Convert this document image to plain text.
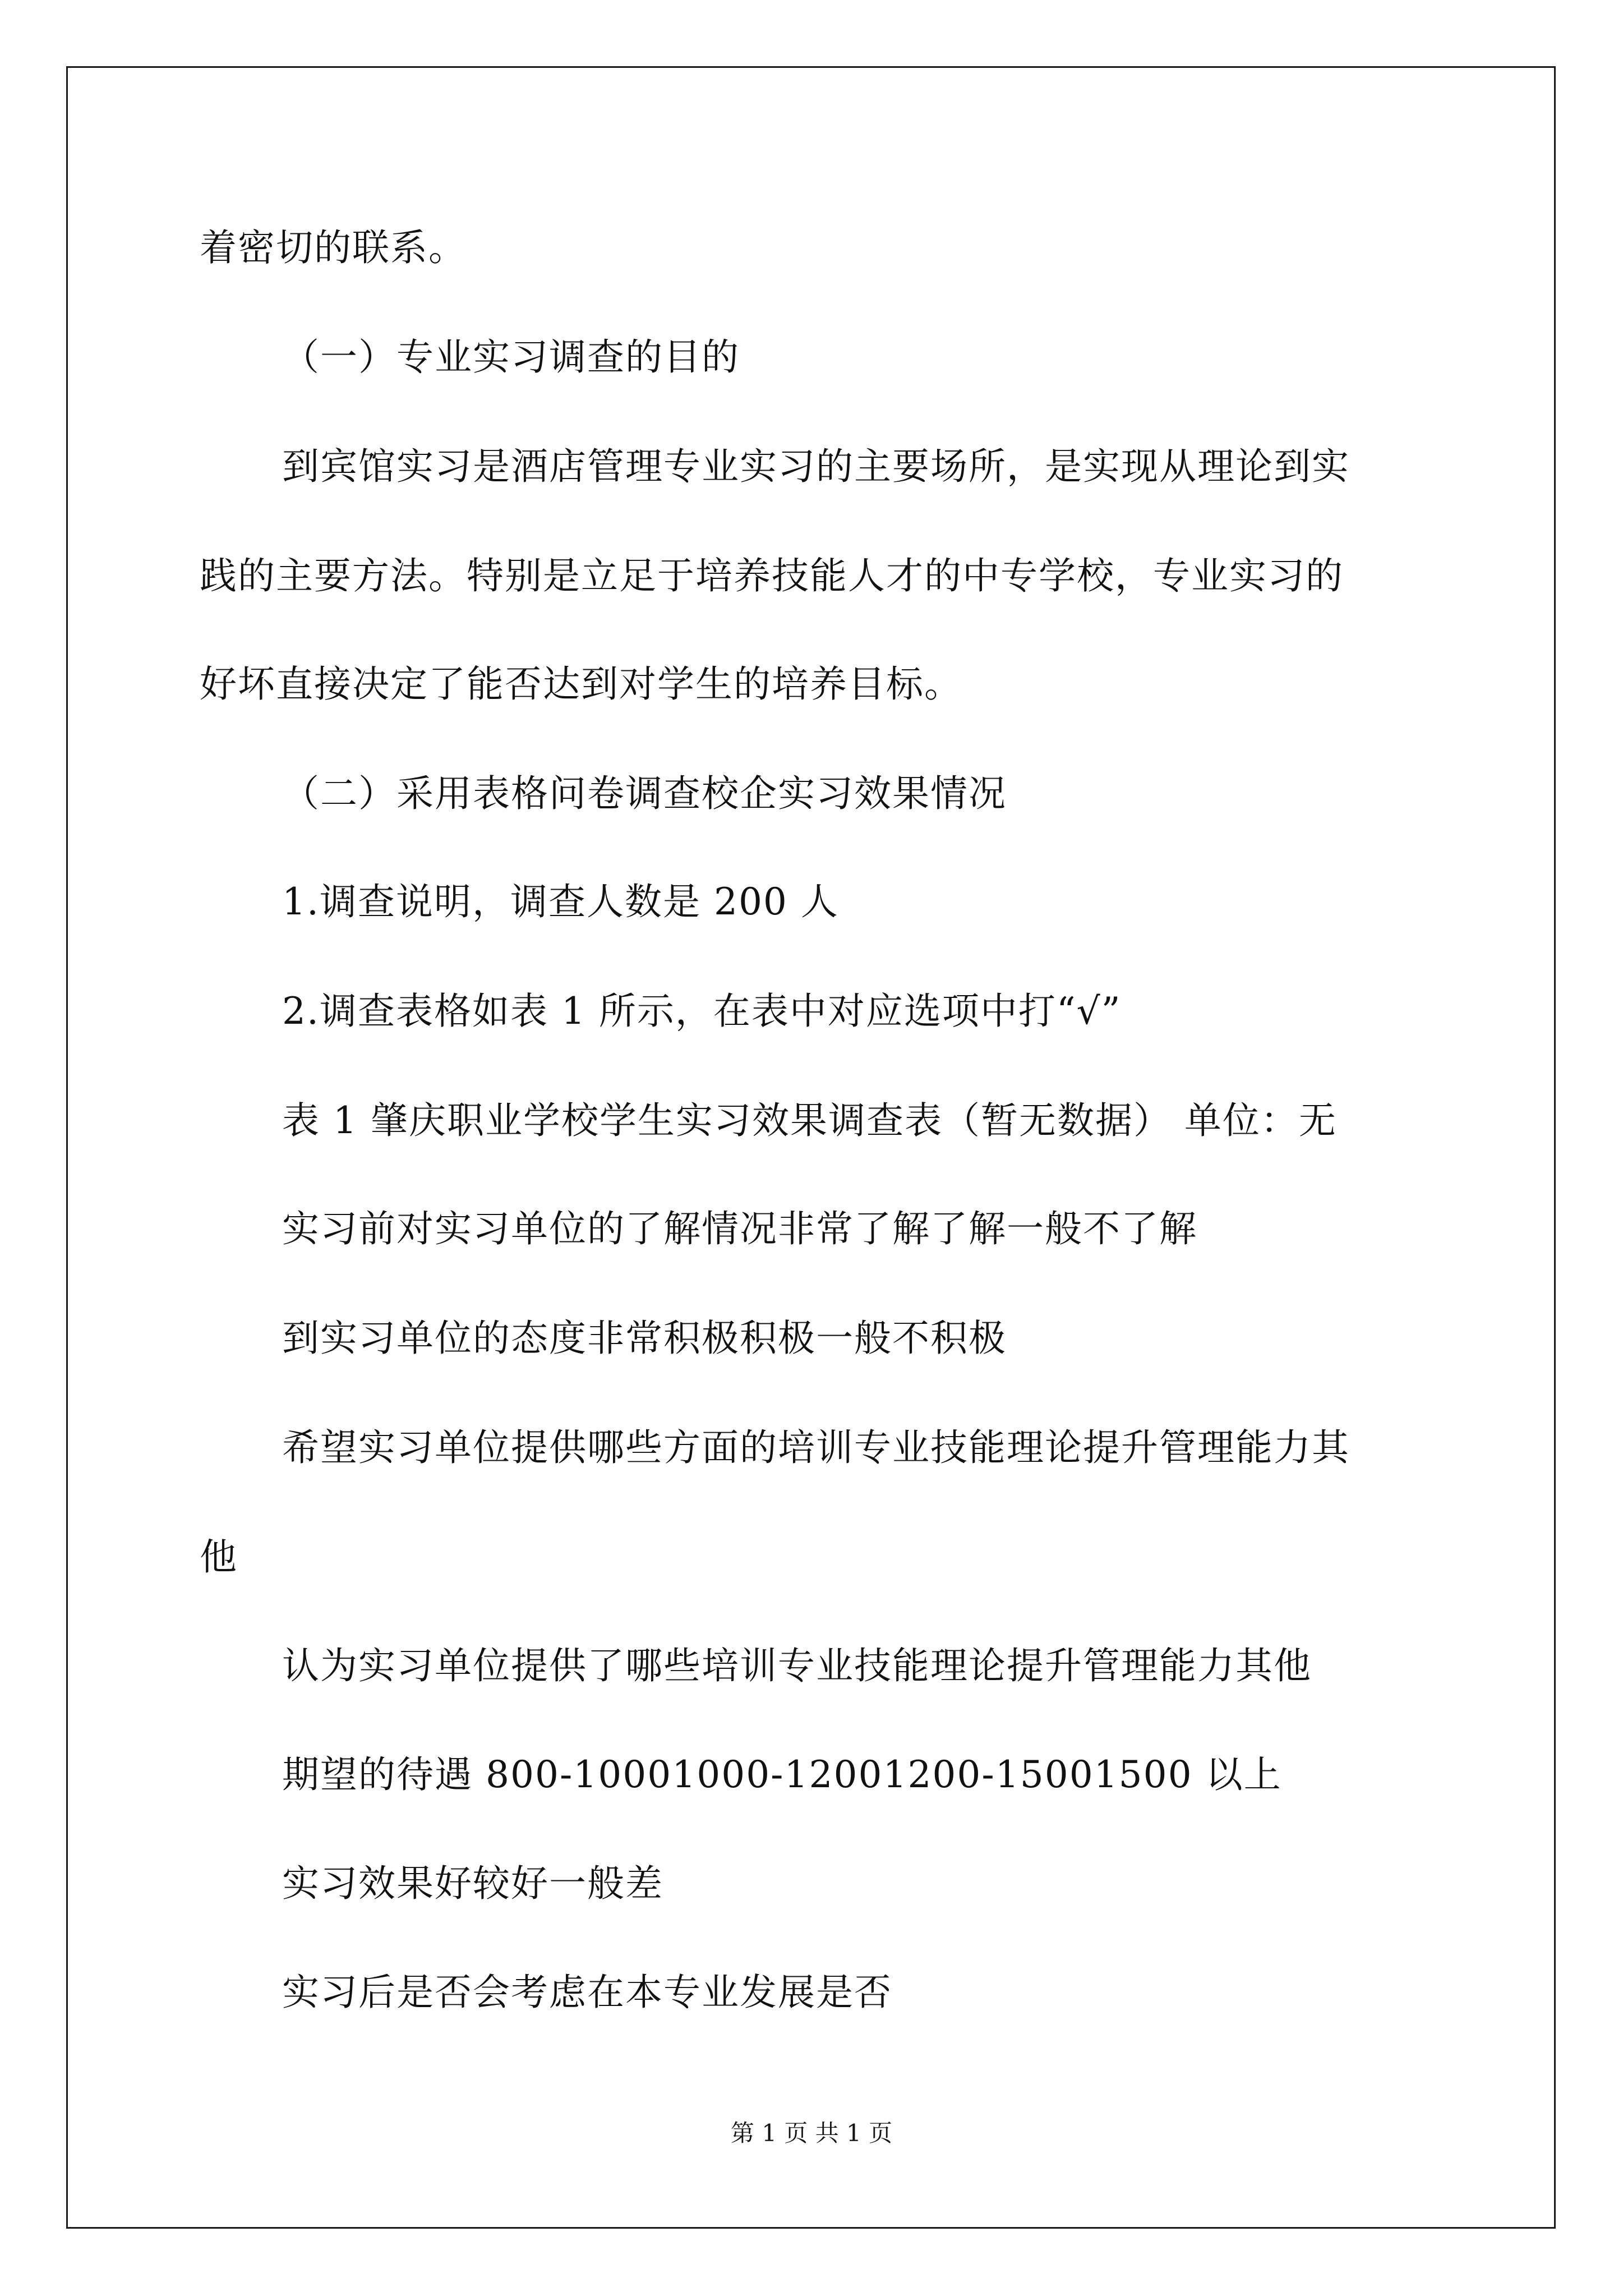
着密切的联系。
（一）专业实习调查的目的
到宾馆实习是酒店管理专业实习的主要场所，是实现从理论到实
践的主要方法。特别是立足于培养技能人才的中专学校，专业实习的
好坏直接决定了能否达到对学生的培养目标。
（二）采用表格问卷调查校企实习效果情况
1.调查说明，调查人数是 200 人
2.调查表格如表 1 所示，在表中对应选项中打“√”
表 1 肇庆职业学校学生实习效果调查表（暂无数据） 单位：无
实习前对实习单位的了解情况非常了解了解一般不了解
到实习单位的态度非常积极积极一般不积极
希望实习单位提供哪些方面的培训专业技能理论提升管理能力其
他
认为实习单位提供了哪些培训专业技能理论提升管理能力其他
期望的待遇 800-10001000-12001200-15001500 以上
实习效果好较好一般差
实习后是否会考虑在本专业发展是否
第 1 页 共 1 页
